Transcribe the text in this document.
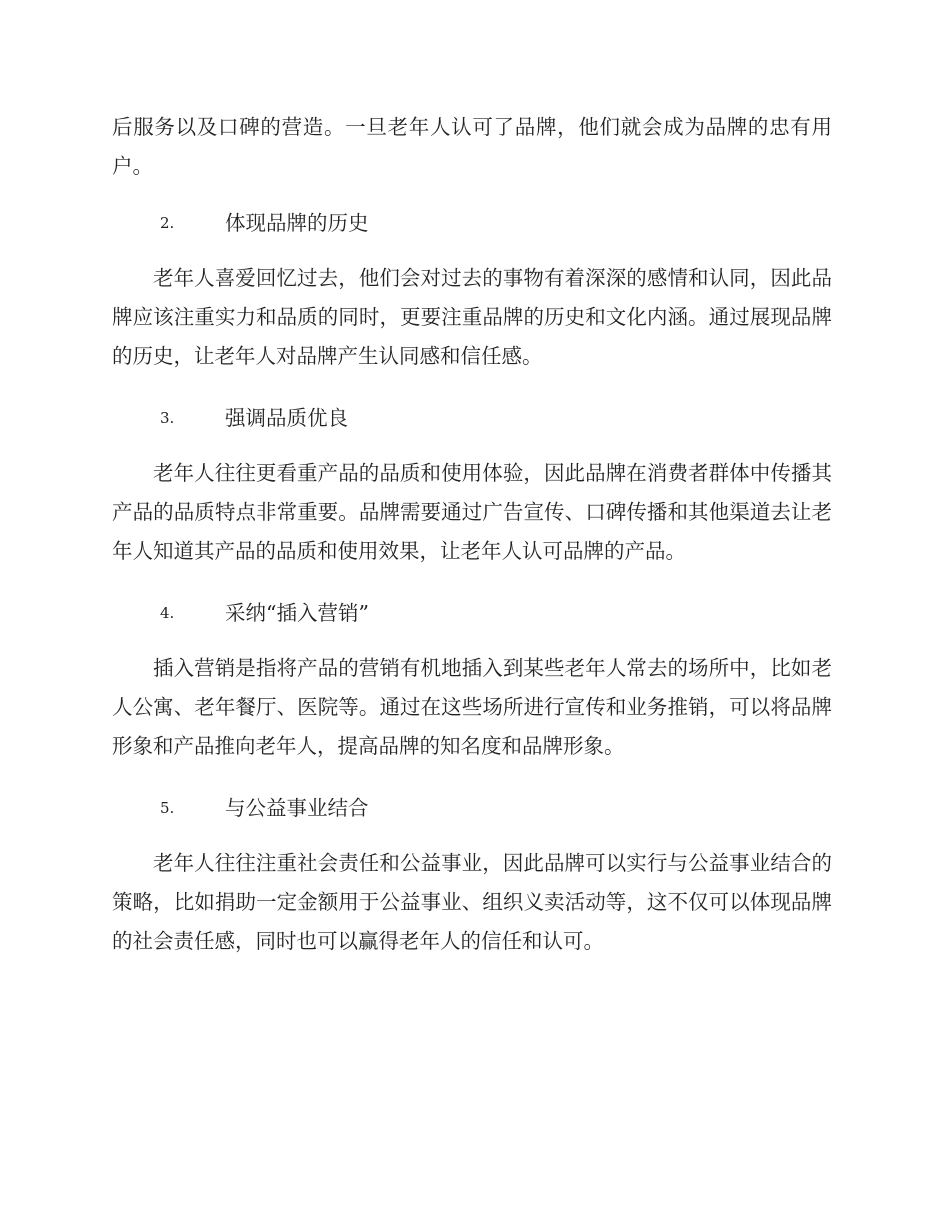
后服务以及口碑的营造。一旦老年人认可了品牌，他们就会成为品牌的忠有用户。

2. 体现品牌的历史

老年人喜爱回忆过去，他们会对过去的事物有着深深的感情和认同，因此品牌应该注重实力和品质的同时，更要注重品牌的历史和文化内涵。通过展现品牌的历史，让老年人对品牌产生认同感和信任感。

3. 强调品质优良

老年人往往更看重产品的品质和使用体验，因此品牌在消费者群体中传播其产品的品质特点非常重要。品牌需要通过广告宣传、口碑传播和其他渠道去让老年人知道其产品的品质和使用效果，让老年人认可品牌的产品。

4. 采纳“插入营销”

插入营销是指将产品的营销有机地插入到某些老年人常去的场所中，比如老人公寓、老年餐厅、医院等。通过在这些场所进行宣传和业务推销，可以将品牌形象和产品推向老年人，提高品牌的知名度和品牌形象。

5. 与公益事业结合

老年人往往注重社会责任和公益事业，因此品牌可以实行与公益事业结合的策略，比如捐助一定金额用于公益事业、组织义卖活动等，这不仅可以体现品牌的社会责任感，同时也可以赢得老年人的信任和认可。
